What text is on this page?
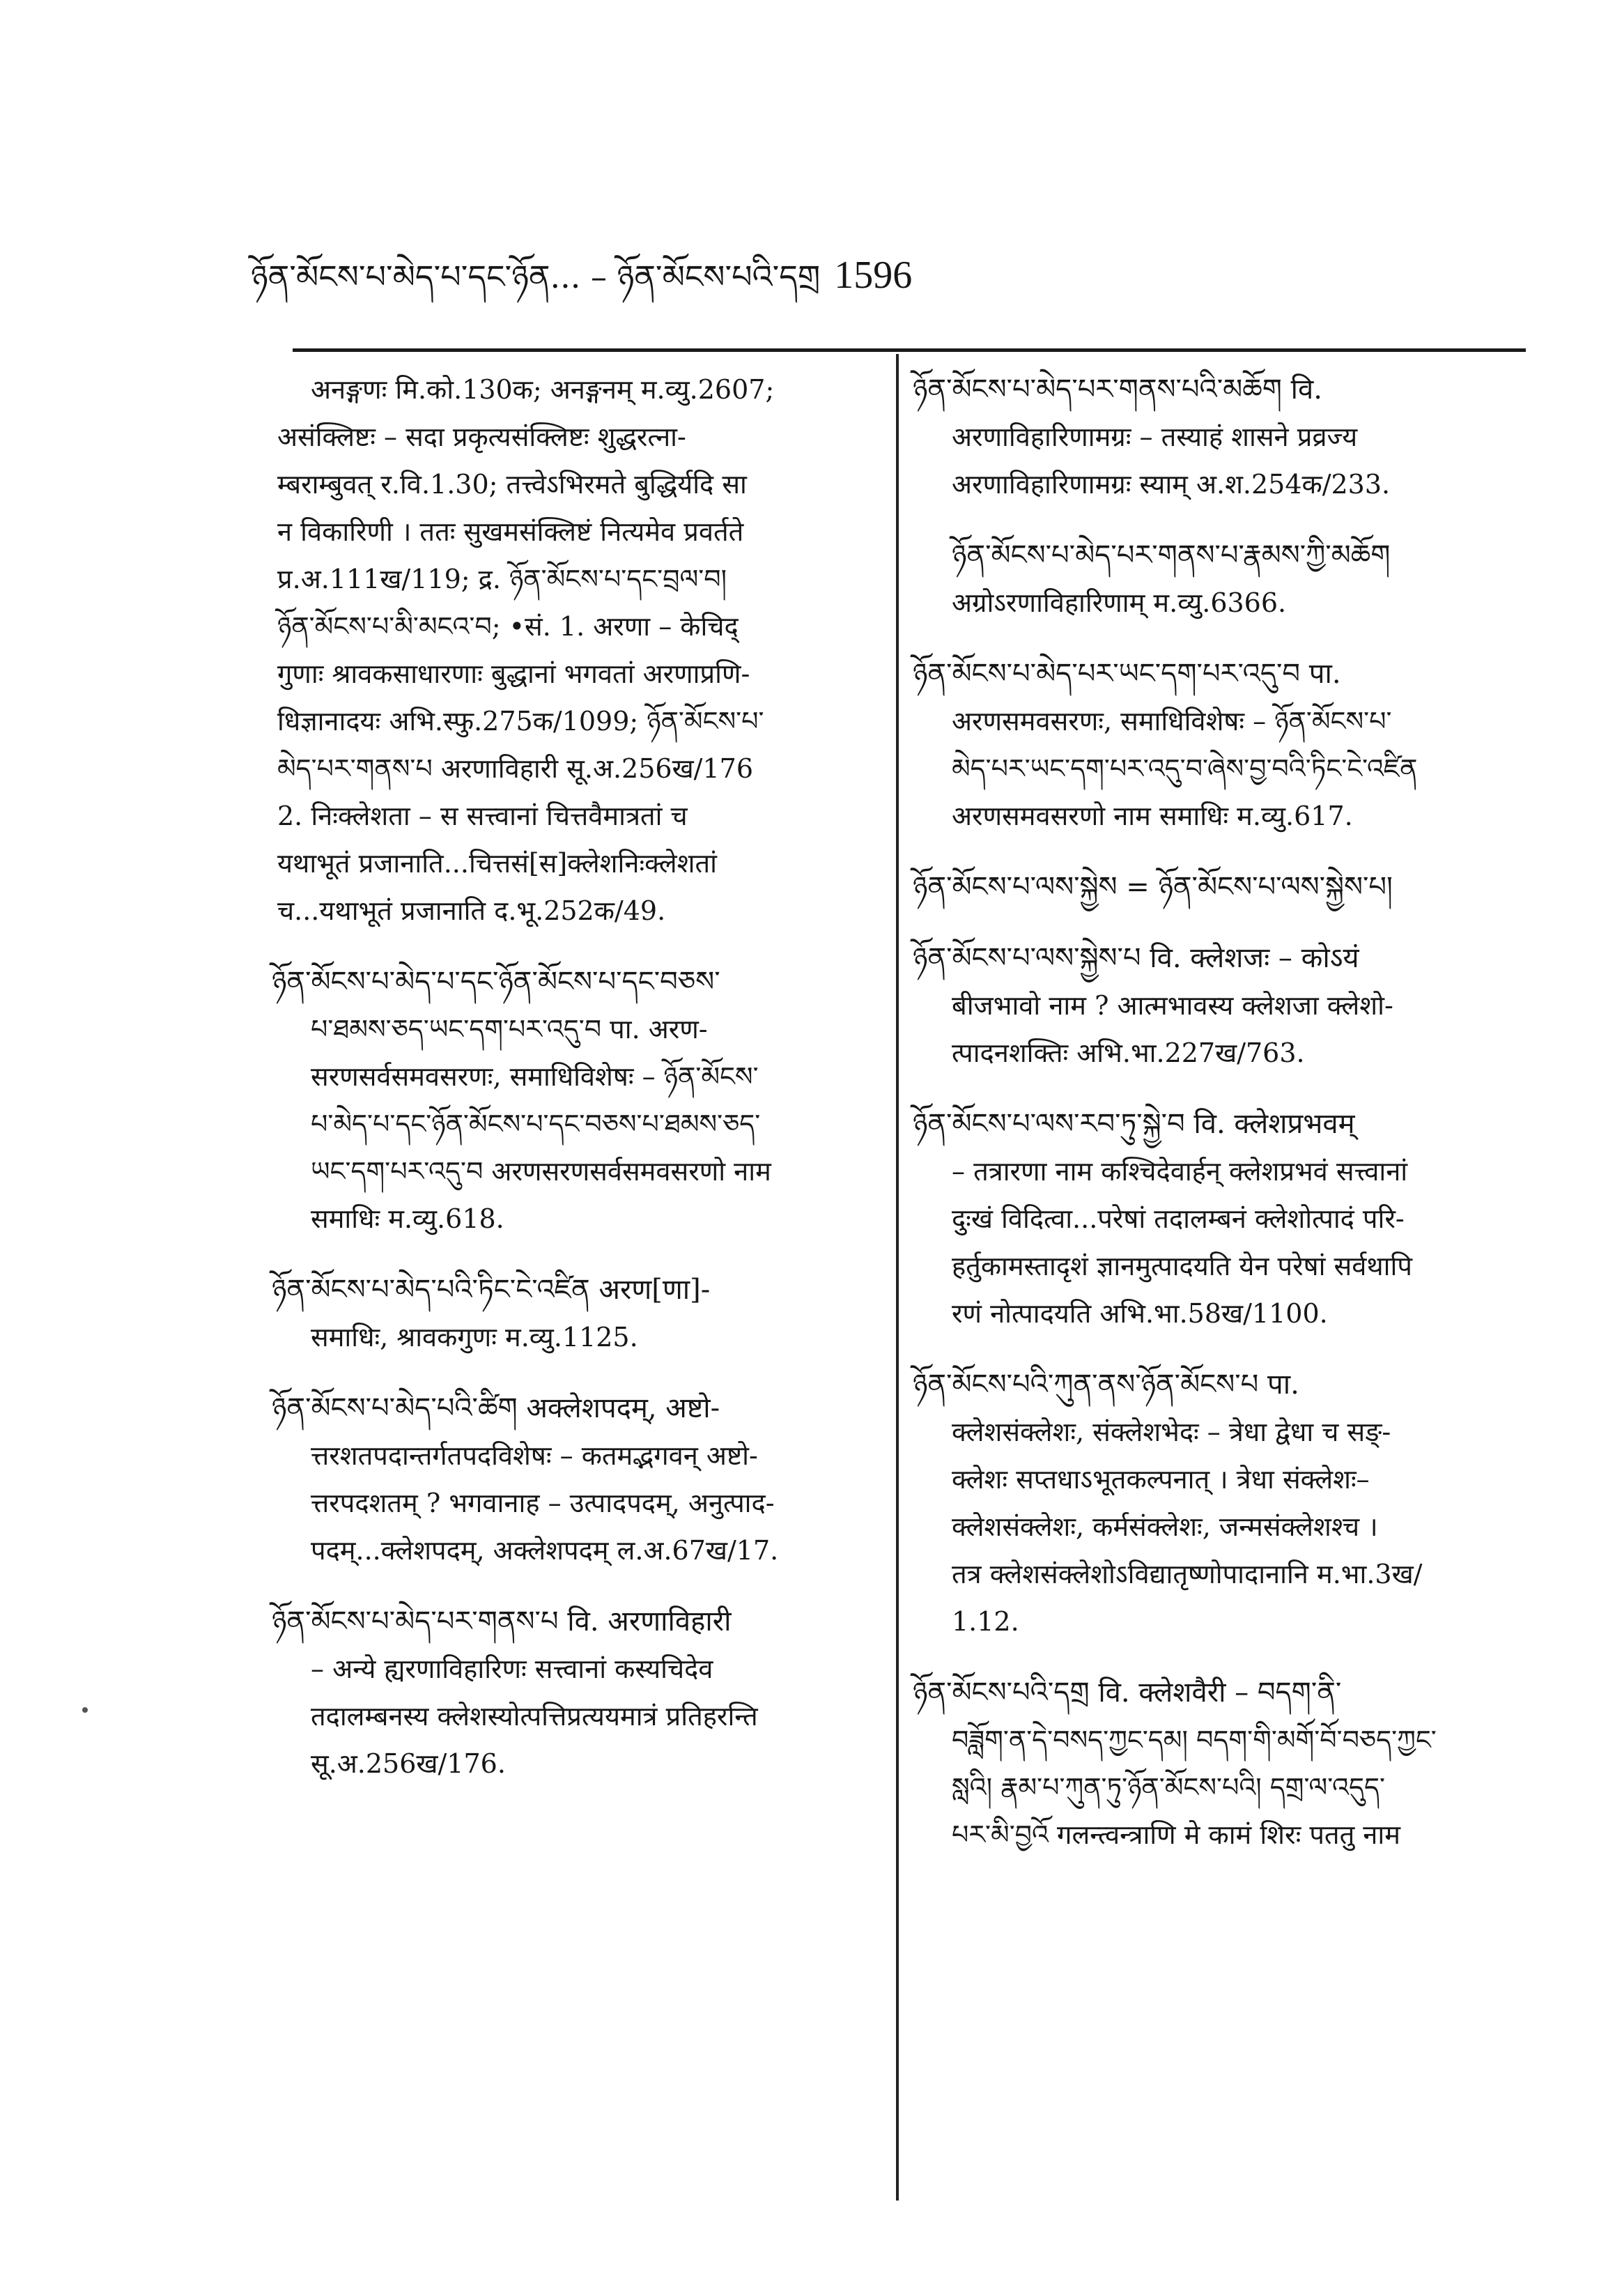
ཉོན་མོངས་པ་མེད་པ་དང་ཉོན... – ཉོན་མོངས་པའི་དགྲ 1596
अनङ्गणः मि.को.130क; अनङ्गनम् म.व्यु.2607;
असंक्लिष्टः – सदा प्रकृत्यसंक्लिष्टः शुद्धरत्ना-
म्बराम्बुवत् र.वि.1.30; तत्त्वेऽभिरमते बुद्धिर्यदि सा
न विकारिणी । ततः सुखमसंक्लिष्टं नित्यमेव प्रवर्तते
प्र.अ.111ख/119; द्र. ཉོན་མོངས་པ་དང་བྲལ་བ།
ཉོན་མོངས་པ་མི་མངའ་བ; •सं. 1. अरणा – केचिद्
गुणाः श्रावकसाधारणाः बुद्धानां भगवतां अरणाप्रणि-
धिज्ञानादयः अभि.स्फु.275क/1099; ཉོན་མོངས་པ་
མེད་པར་གནས་པ अरणाविहारी सू.अ.256ख/176
2. निःक्लेशता – स सत्त्वानां चित्तवैमात्रतां च
यथाभूतं प्रजानाति...चित्तसं[स]क्लेशनिःक्लेशतां
च...यथाभूतं प्रजानाति द.भू.252क/49.
ཉོན་མོངས་པ་མེད་པ་དང་ཉོན་མོངས་པ་དང་བཅས་
པ་ཐམས་ཅད་ཡང་དག་པར་འདུ་བ पा. अरण-
सरणसर्वसमवसरणः, समाधिविशेषः – ཉོན་མོངས་
པ་མེད་པ་དང་ཉོན་མོངས་པ་དང་བཅས་པ་ཐམས་ཅད་
ཡང་དག་པར་འདུ་བ अरणसरणसर्वसमवसरणो नाम
समाधिः म.व्यु.618.
ཉོན་མོངས་པ་མེད་པའི་ཏིང་ངེ་འཛིན अरण[णा]-
समाधिः, श्रावकगुणः म.व्यु.1125.
ཉོན་མོངས་པ་མེད་པའི་ཚིག अक्लेशपदम्, अष्टो-
त्तरशतपदान्तर्गतपदविशेषः – कतमद्भगवन् अष्टो-
त्तरपदशतम् ? भगवानाह – उत्पादपदम्, अनुत्पाद-
पदम्...क्लेशपदम्, अक्लेशपदम् ल.अ.67ख/17.
ཉོན་མོངས་པ་མེད་པར་གནས་པ वि. अरणाविहारी
– अन्ये ह्यरणाविहारिणः सत्त्वानां कस्यचिदेव
तदालम्बनस्य क्लेशस्योत्पत्तिप्रत्ययमात्रं प्रतिहरन्ति
सू.अ.256ख/176.
ཉོན་མོངས་པ་མེད་པར་གནས་པའི་མཆོག वि.
अरणाविहारिणामग्रः – तस्याहं शासने प्रव्रज्य
अरणाविहारिणामग्रः स्याम् अ.श.254क/233.
ཉོན་མོངས་པ་མེད་པར་གནས་པ་རྣམས་ཀྱི་མཆོག
अग्रोऽरणाविहारिणाम् म.व्यु.6366.
ཉོན་མོངས་པ་མེད་པར་ཡང་དག་པར་འདུ་བ पा.
अरणसमवसरणः, समाधिविशेषः – ཉོན་མོངས་པ་
མེད་པར་ཡང་དག་པར་འདུ་བ་ཞེས་བྱ་བའི་ཏིང་ངེ་འཛིན
अरणसमवसरणो नाम समाधिः म.व्यु.617.
ཉོན་མོངས་པ་ལས་སྐྱེས = ཉོན་མོངས་པ་ལས་སྐྱེས་པ།
ཉོན་མོངས་པ་ལས་སྐྱེས་པ वि. क्लेशजः – कोऽयं
बीजभावो नाम ? आत्मभावस्य क्लेशजा क्लेशो-
त्पादनशक्तिः अभि.भा.227ख/763.
ཉོན་མོངས་པ་ལས་རབ་ཏུ་སྐྱེ་བ वि. क्लेशप्रभवम्
– तत्रारणा नाम कश्चिदेवार्हन् क्लेशप्रभवं सत्त्वानां
दुःखं विदित्वा...परेषां तदालम्बनं क्लेशोत्पादं परि-
हर्तुकामस्तादृशं ज्ञानमुत्पादयति येन परेषां सर्वथापि
रणं नोत्पादयति अभि.भा.58ख/1100.
ཉོན་མོངས་པའི་ཀུན་ནས་ཉོན་མོངས་པ पा.
क्लेशसंक्लेशः, संक्लेशभेदः – त्रेधा द्वेधा च सङ्-
क्लेशः सप्तधाऽभूतकल्पनात् । त्रेधा संक्लेशः–
क्लेशसंक्लेशः, कर्मसंक्लेशः, जन्मसंक्लेशश्च ।
तत्र क्लेशसंक्लेशोऽविद्यातृष्णोपादानानि म.भा.3ख/
1.12.
ཉོན་མོངས་པའི་དགྲ वि. क्लेशवैरी – བདག་ནི་
བཟློག་ན་དེ་བསད་ཀྱང་དམ། བདག་གི་མགོ་བོ་བཅད་ཀྱང་
སླའི། རྣམ་པ་ཀུན་ཏུ་ཉོན་མོངས་པའི། དགྲ་ལ་འདུད་
པར་མི་བྱའོ गलन्त्वन्त्राणि मे कामं शिरः पततु नाम
